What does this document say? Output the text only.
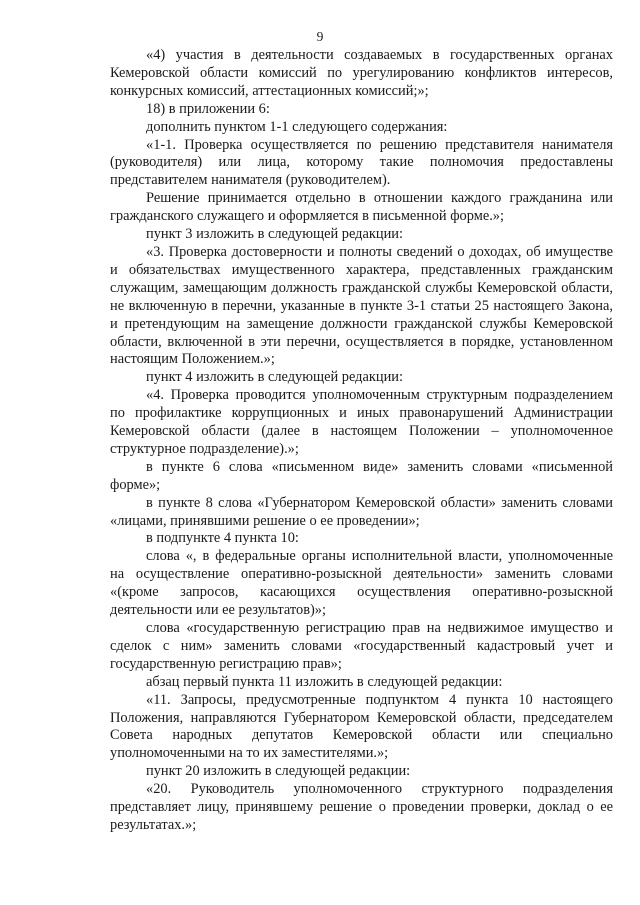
9

«4) участия в деятельности создаваемых в государственных органах Кемеровской области комиссий по урегулированию конфликтов интересов, конкурсных комиссий, аттестационных комиссий;»;

18) в приложении 6:

дополнить пунктом 1-1 следующего содержания:

«1-1. Проверка осуществляется по решению представителя нанимателя (руководителя) или лица, которому такие полномочия предоставлены представителем нанимателя (руководителем).

Решение принимается отдельно в отношении каждого гражданина или гражданского служащего и оформляется в письменной форме.»;

пункт 3 изложить в следующей редакции:

«3. Проверка достоверности и полноты сведений о доходах, об имуществе и обязательствах имущественного характера, представленных гражданским служащим, замещающим должность гражданской службы Кемеровской области, не включенную в перечни, указанные в пункте 3-1 статьи 25 настоящего Закона, и претендующим на замещение должности гражданской службы Кемеровской области, включенной в эти перечни, осуществляется в порядке, установленном настоящим Положением.»;

пункт 4 изложить в следующей редакции:

«4. Проверка проводится уполномоченным структурным подразделением по профилактике коррупционных и иных правонарушений Администрации Кемеровской области (далее в настоящем Положении – уполномоченное структурное подразделение).»;

в пункте 6 слова «письменном виде» заменить словами «письменной форме»;

в пункте 8 слова «Губернатором Кемеровской области» заменить словами «лицами, принявшими решение о ее проведении»;

в подпункте 4 пункта 10:

слова «, в федеральные органы исполнительной власти, уполномоченные на осуществление оперативно-розыскной деятельности» заменить словами «(кроме запросов, касающихся осуществления оперативно-розыскной деятельности или ее результатов)»;

слова «государственную регистрацию прав на недвижимое имущество и сделок с ним» заменить словами «государственный кадастровый учет и государственную регистрацию прав»;

абзац первый пункта 11 изложить в следующей редакции:

«11. Запросы, предусмотренные подпунктом 4 пункта 10 настоящего Положения, направляются Губернатором Кемеровской области, председателем Совета народных депутатов Кемеровской области или специально уполномоченными на то их заместителями.»;

пункт 20 изложить в следующей редакции:

«20. Руководитель уполномоченного структурного подразделения представляет лицу, принявшему решение о проведении проверки, доклад о ее результатах.»;
